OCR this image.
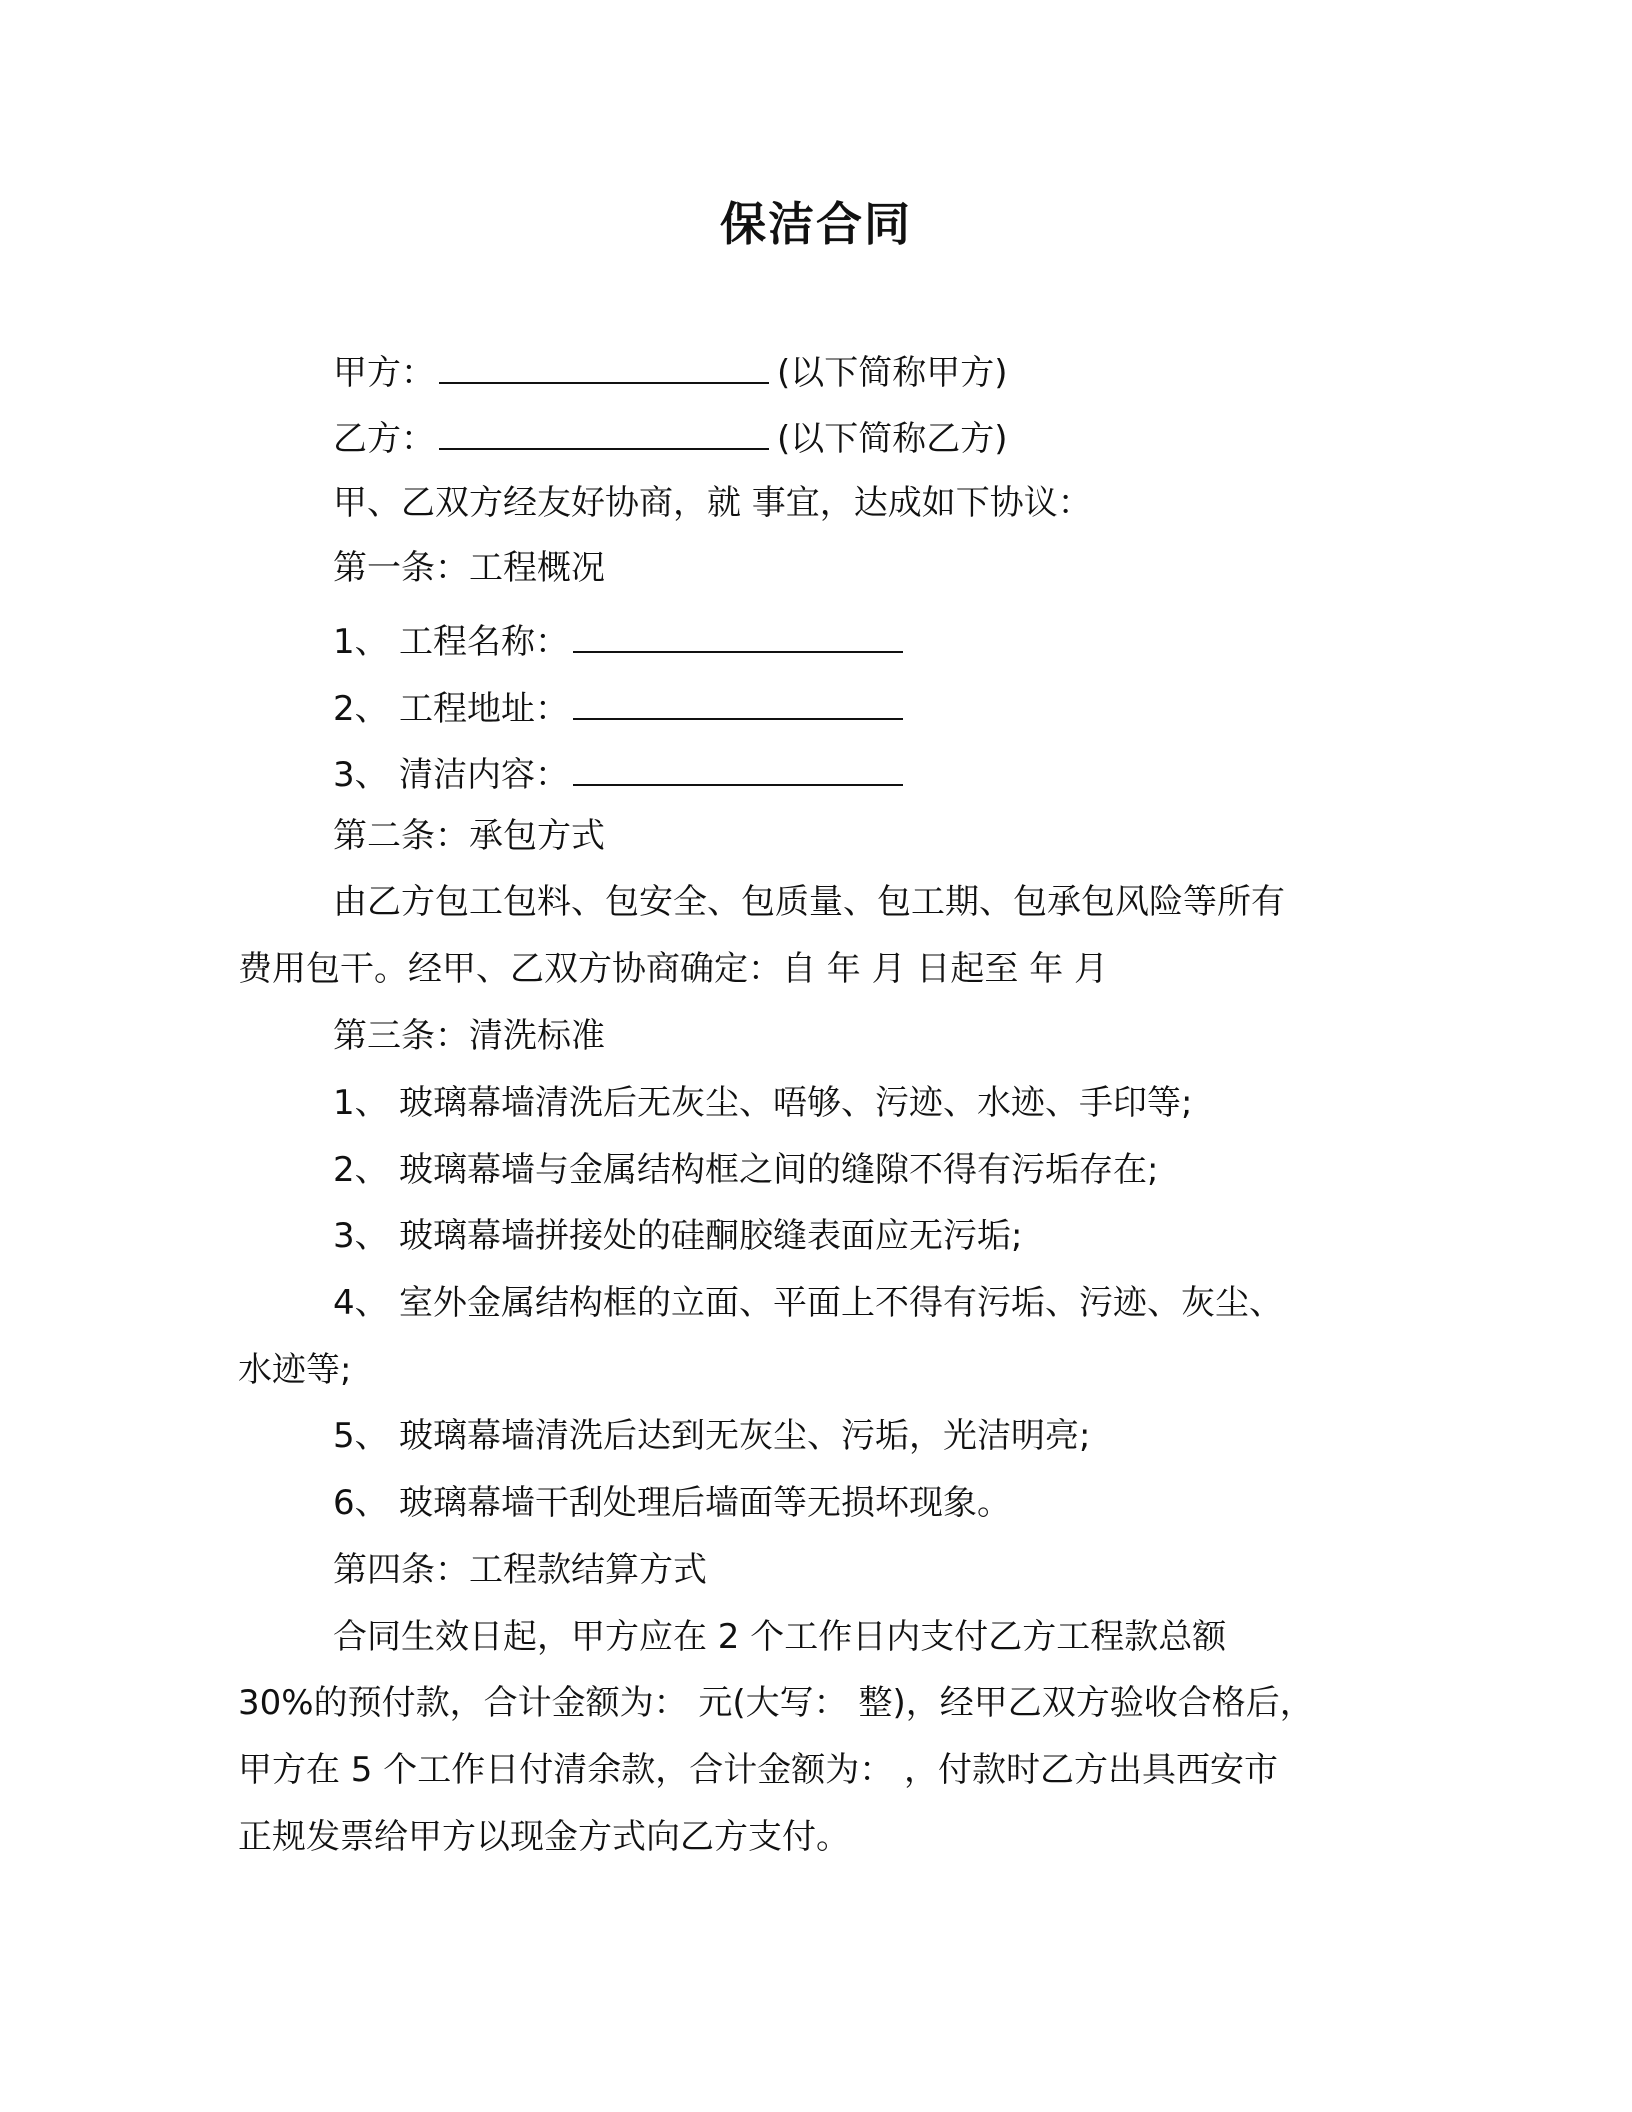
保洁合同
甲方：	(以下简称甲方)
乙方：	(以下简称乙方)
甲、乙双方经友好协商，就 事宜，达成如下协议：
第一条：工程概况
1、 工程名称：
2、 工程地址：
3、 清洁内容：
第二条：承包方式
由乙方包工包料、包安全、包质量、包工期、包承包风险等所有
费用包干。经甲、乙双方协商确定：自 年 月 日起至 年 月
第三条：清洗标准
1、 玻璃幕墙清洗后无灰尘、唔够、污迹、水迹、手印等;
2、 玻璃幕墙与金属结构框之间的缝隙不得有污垢存在;
3、 玻璃幕墙拼接处的硅酮胶缝表面应无污垢;
4、 室外金属结构框的立面、平面上不得有污垢、污迹、灰尘、
水迹等;
5、 玻璃幕墙清洗后达到无灰尘、污垢，光洁明亮;
6、 玻璃幕墙干刮处理后墙面等无损坏现象。
第四条：工程款结算方式
合同生效日起，甲方应在 2 个工作日内支付乙方工程款总额
30%的预付款，合计金额为： 元(大写： 整)，经甲乙双方验收合格后，
甲方在 5 个工作日付清余款，合计金额为： ，付款时乙方出具西安市
正规发票给甲方以现金方式向乙方支付。
